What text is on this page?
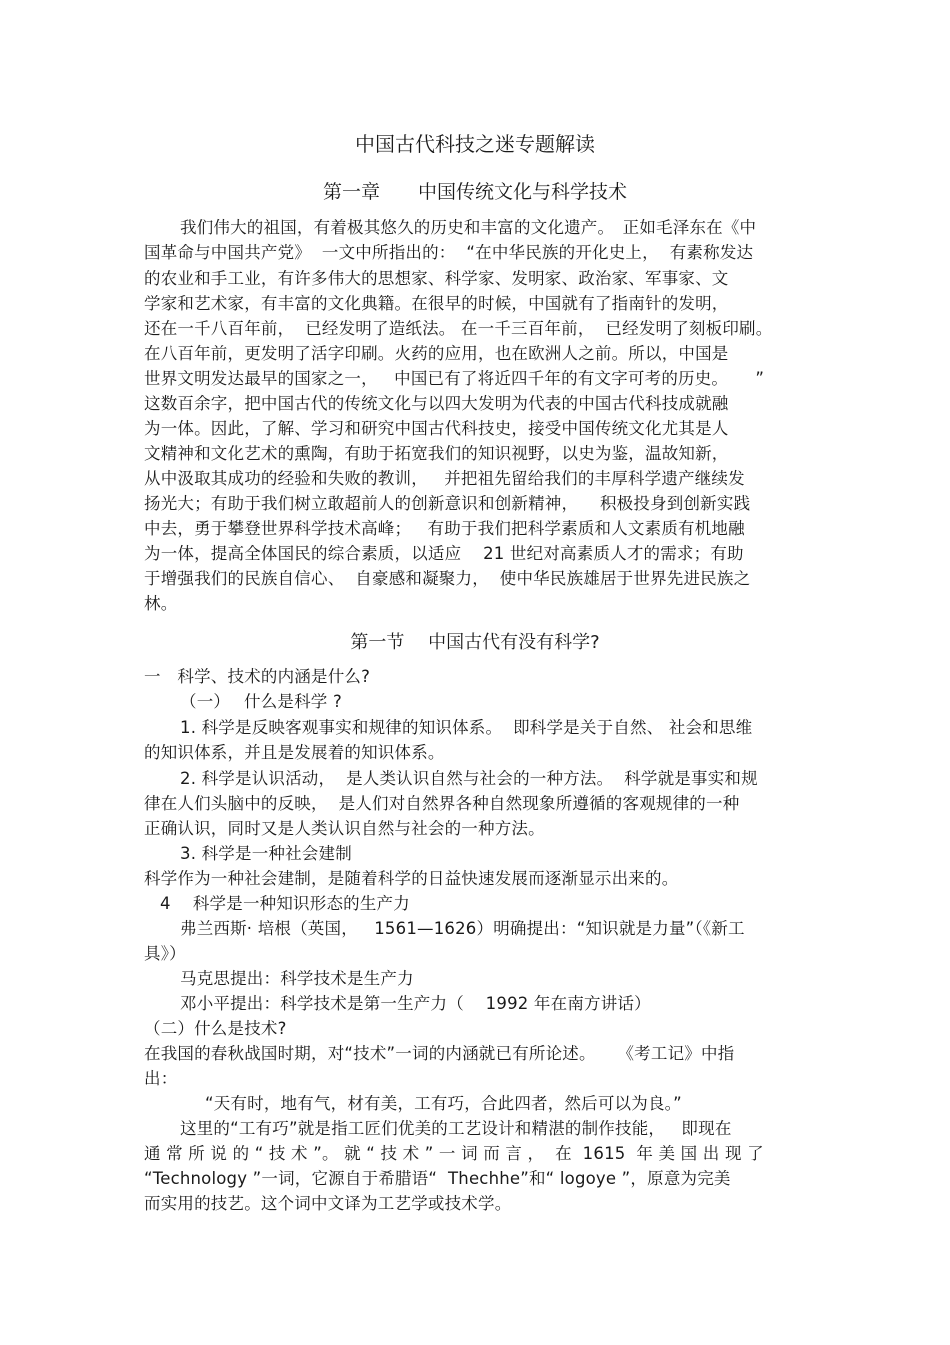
中国古代科技之迷专题解读
第一章　　中国传统文化与科学技术
我们伟大的祖国，有着极其悠久的历史和丰富的文化遗产。　正如毛泽东在《中
国革命与中国共产党》  一文中所指出的：  “在中华民族的开化史上，  有素称发达
的农业和手工业，有许多伟大的思想家、科学家、发明家、政治家、军事家、文
学家和艺术家，有丰富的文化典籍。在很早的时候，中国就有了指南针的发明，
还在一千八百年前，  已经发明了造纸法。 在一千三百年前，  已经发明了刻板印刷。
在八百年前，更发明了活字印刷。火药的应用，也在欧洲人之前。所以，中国是
世界文明发达最早的国家之一，   中国已有了将近四千年的有文字可考的历史。     ”
这数百余字，把中国古代的传统文化与以四大发明为代表的中国古代科技成就融
为一体。因此，了解、学习和研究中国古代科技史，接受中国传统文化尤其是人
文精神和文化艺术的熏陶，有助于拓宽我们的知识视野，以史为鉴，温故知新，
从中汲取其成功的经验和失败的教训，   并把祖先留给我们的丰厚科学遗产继续发
扬光大；有助于我们树立敢超前人的创新意识和创新精神，    积极投身到创新实践
中去，勇于攀登世界科学技术高峰；   有助于我们把科学素质和人文素质有机地融
为一体，提高全体国民的综合素质，以适应    21 世纪对高素质人才的需求；有助
于增强我们的民族自信心、  自豪感和凝聚力，  使中华民族雄居于世界先进民族之
林。
第一节　 中国古代有没有科学?
一　科学、技术的内涵是什么?
（一）　 什么是科学 ?
1. 科学是反映客观事实和规律的知识体系。  即科学是关于自然、 社会和思维
的知识体系，并且是发展着的知识体系。
2. 科学是认识活动，  是人类认识自然与社会的一种方法。  科学就是事实和规
律在人们头脑中的反映，  是人们对自然界各种自然现象所遵循的客观规律的一种
正确认识，同时又是人类认识自然与社会的一种方法。
3. 科学是一种社会建制
科学作为一种社会建制，是随着科学的日益快速发展而逐渐显示出来的。
4　 科学是一种知识形态的生产力
弗兰西斯· 培根（英国，   1561—1626）明确提出：“知识就是力量”（《新工
具》）
马克思提出：科学技术是生产力
邓小平提出：科学技术是第一生产力（    1992 年在南方讲话）
（二）什么是技术?
在我国的春秋战国时期，对“技术”一词的内涵就已有所论述。    《考工记》中指
出：
“天有时，地有气，材有美，工有巧，合此四者，然后可以为良。”
这里的“工有巧”就是指工匠们优美的工艺设计和精湛的制作技能，   即现在
通 常 所 说 的 “ 技 术 ”。 就 “ 技 术 ” 一 词 而 言 ，  在  1615  年 美 国 出 现 了
“Technology ”一词，它源自于希腊语“  Thechhe”和“ logoye ”，原意为完美
而实用的技艺。这个词中文译为工艺学或技术学。
